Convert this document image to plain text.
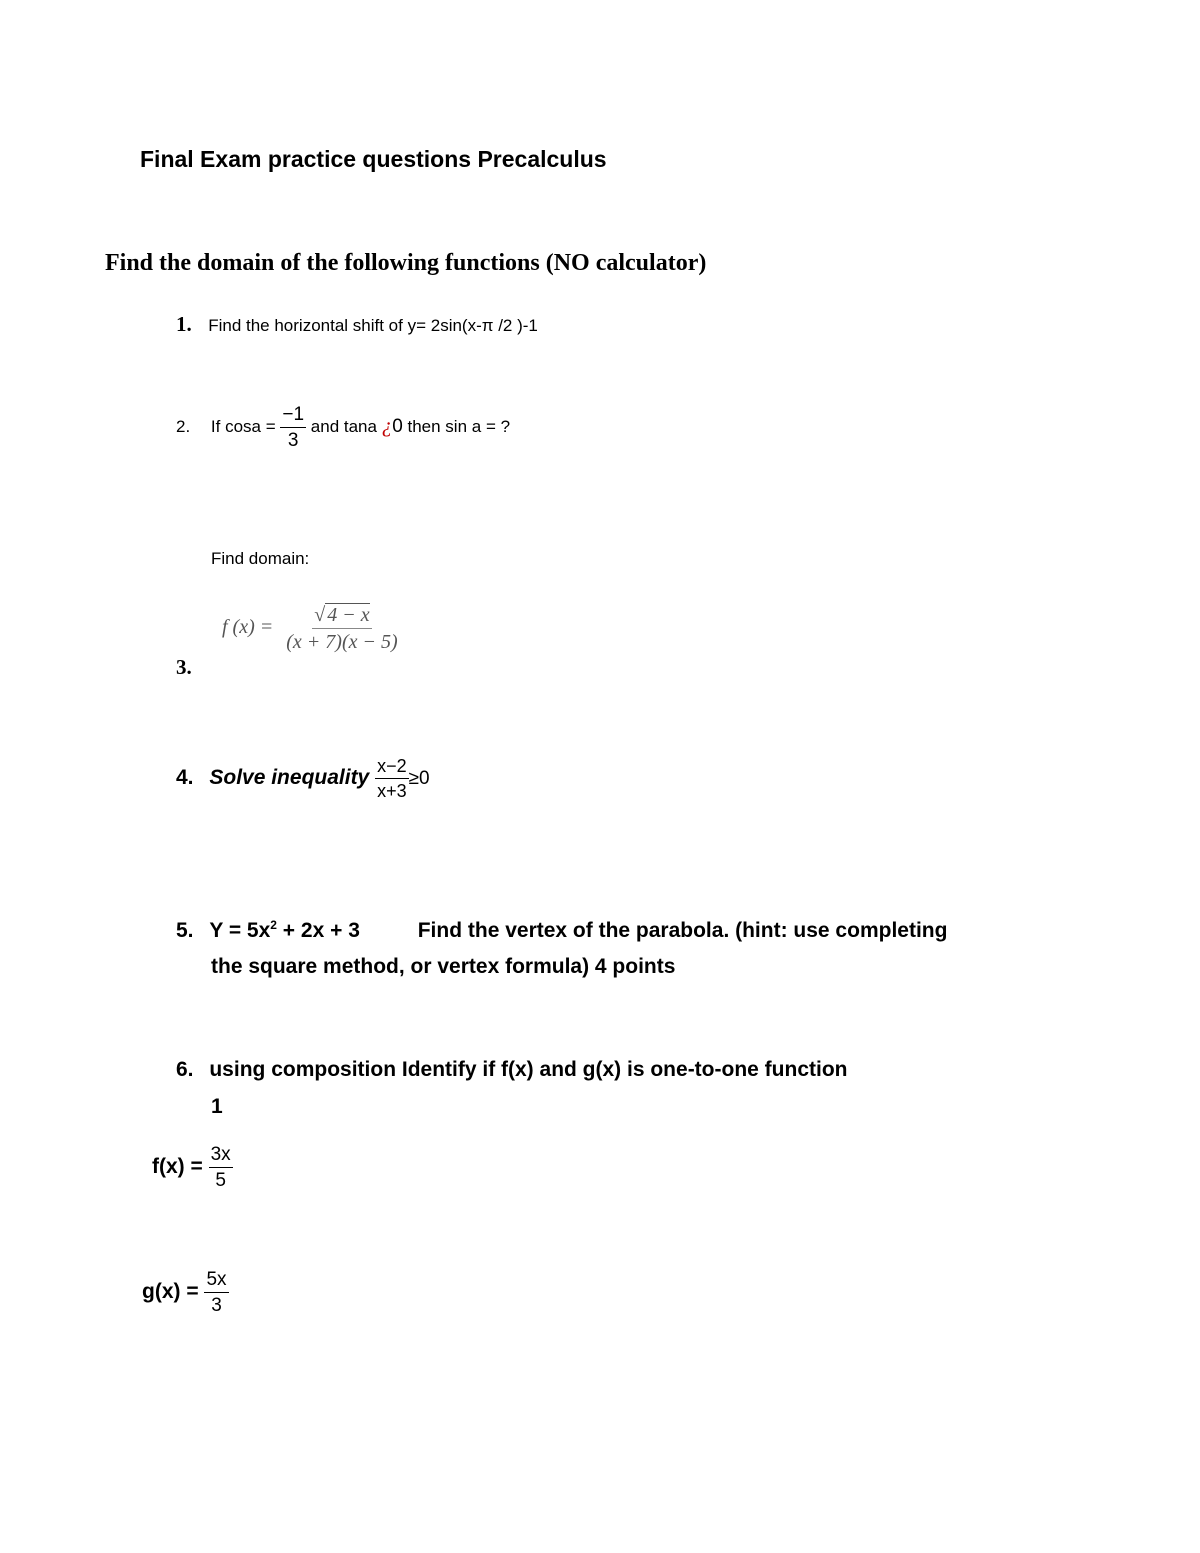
Final Exam practice questions Precalculus
Find the domain of the following functions (NO calculator)
1. Find the horizontal shift of y= 2sin(x-π /2 )-1
2. If $\cos a = \frac{-1}{3}$ and tana ¿0 then sin a = ?
Find domain:
f $(x) = \frac{√ 4 - x}{(x + 7)(x - 5)}$
3.
4. Solve inequality $\frac{x-2}{x+3} \ge 0$
5. $Y = 5x^2 + 2x + 3$	Find the vertex of the parabola. (hint: use completing
the square method, or vertex formula) 4 points
6. using composition Identify if f(x) and g(x) is one-to-one function
1
$f(x) = \frac{3x}{5}$
$g(x) = \frac{5x}{3}$
